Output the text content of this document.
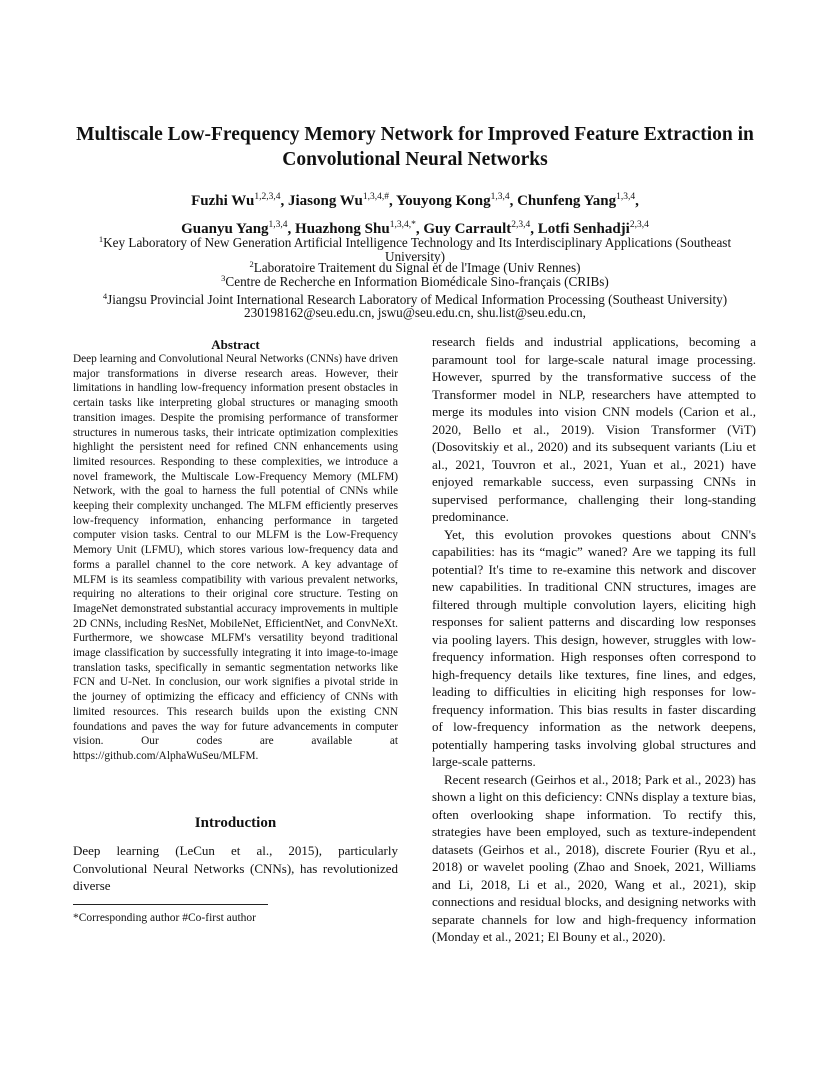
Multiscale Low-Frequency Memory Network for Improved Feature Extraction in Convolutional Neural Networks
Fuzhi Wu$^{1,2,3,4}$, Jiasong $Wu^{1,3,4,\#}$, Youyong Kong$^{1,3,4}$, Chunfeng Yang$^{1,3,4}$,
Guanyu Yang$^{1,3,4}$, Huazhong Shu$^{1,3,4,*}$, Guy Carrault$^{2,3,4}$, Lotfi Senhadji$^{2,3,4}$
$^1$Key Laboratory of New Generation Artificial Intelligence Technology and Its Interdisciplinary Applications (Southeast University)
$^2$Laboratoire Traitement du Signal et de l'Image (Univ Rennes)
$^3$Centre de Recherche en Information Biomédicale Sino-français (CRIBs)
$^4$Jiangsu Provincial Joint International Research Laboratory of Medical Information Processing (Southeast University)
230198162@seu.edu.cn, jswu@seu.edu.cn, shu.list@seu.edu.cn,
Abstract
Deep learning and Convolutional Neural Networks (CNNs) have driven major transformations in diverse research areas. However, their limitations in handling low-frequency information present obstacles in certain tasks like interpreting global structures or managing smooth transition images. Despite the promising performance of transformer structures in numerous tasks, their intricate optimization complexities highlight the persistent need for refined CNN enhancements using limited resources. Responding to these complexities, we introduce a novel framework, the Multiscale Low-Frequency Memory (MLFM) Network, with the goal to harness the full potential of CNNs while keeping their complexity unchanged. The MLFM efficiently preserves low-frequency information, enhancing performance in targeted computer vision tasks. Central to our MLFM is the Low-Frequency Memory Unit (LFMU), which stores various low-frequency data and forms a parallel channel to the core network. A key advantage of MLFM is its seamless compatibility with various prevalent networks, requiring no alterations to their original core structure. Testing on ImageNet demonstrated substantial accuracy improvements in multiple 2D CNNs, including ResNet, MobileNet, EfficientNet, and ConvNeXt. Furthermore, we showcase MLFM's versatility beyond traditional image classification by successfully integrating it into image-to-image translation tasks, specifically in semantic segmentation networks like FCN and U-Net. In conclusion, our work signifies a pivotal stride in the journey of optimizing the efficacy and efficiency of CNNs with limited resources. This research builds upon the existing CNN foundations and paves the way for future advancements in computer vision. Our codes are available at https://github.com/AlphaWuSeu/MLFM.
Introduction
Deep learning (LeCun et al., 2015), particularly Convolutional Neural Networks (CNNs), has revolutionized diverse
*Corresponding author #Co-first author

research fields and industrial applications, becoming a paramount tool for large-scale natural image processing. However, spurred by the transformative success of the Transformer model in NLP, researchers have attempted to merge its modules into vision CNN models (Carion et al., 2020, Bello et al., 2019). Vision Transformer (ViT) (Dosovitskiy et al., 2020) and its subsequent variants (Liu et al., 2021, Touvron et al., 2021, Yuan et al., 2021) have enjoyed remarkable success, even surpassing CNNs in supervised performance, challenging their long-standing predominance.

Yet, this evolution provokes questions about CNN's capabilities: has its “magic” waned? Are we tapping its full potential? It's time to re-examine this network and discover new capabilities. In traditional CNN structures, images are filtered through multiple convolution layers, eliciting high responses for salient patterns and discarding low responses via pooling layers. This design, however, struggles with low-frequency information. High responses often correspond to high-frequency details like textures, fine lines, and edges, leading to difficulties in eliciting high responses for low-frequency information. This bias results in faster discarding of low-frequency information as the network deepens, potentially hampering tasks involving global structures and large-scale patterns.

Recent research (Geirhos et al., 2018; Park et al., 2023) has shown a light on this deficiency: CNNs display a texture bias, often overlooking shape information. To rectify this, strategies have been employed, such as texture-independent datasets (Geirhos et al., 2018), discrete Fourier (Ryu et al., 2018) or wavelet pooling (Zhao and Snoek, 2021, Williams and Li, 2018, Li et al., 2020, Wang et al., 2021), skip connections and residual blocks, and designing networks with separate channels for low and high-frequency information (Monday et al., 2021; El Bouny et al., 2020).
